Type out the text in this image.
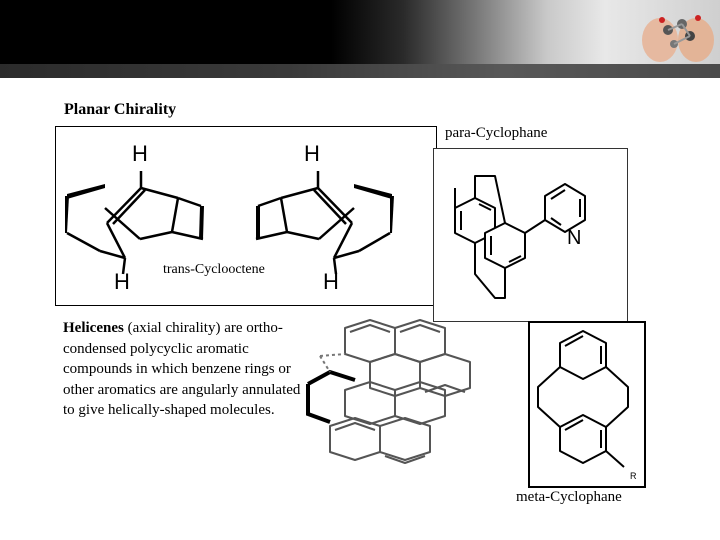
Planar Chirality
H
H
H
H
trans-Cyclooctene
para-Cyclophane
N
Helicenes (axial chirality) are ortho-condensed polycyclic aromatic compounds in which benzene rings or other aromatics are angularly annulated to give helically-shaped molecules.
R
meta-Cyclophane
